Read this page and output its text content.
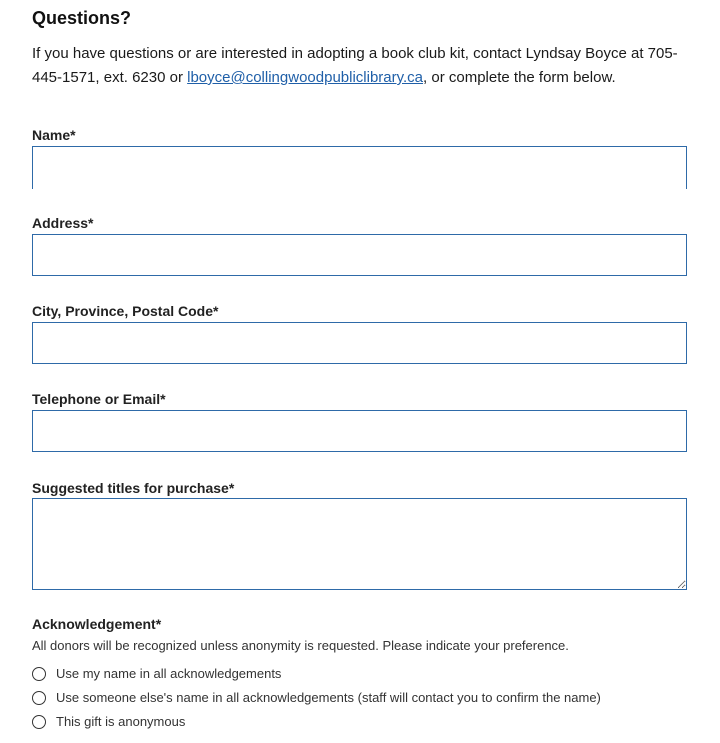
Questions?
If you have questions or are interested in adopting a book club kit, contact Lyndsay Boyce at 705-445-1571, ext. 6230 or lboyce@collingwoodpubliclibrary.ca, or complete the form below.
Name*
Address*
City, Province, Postal Code*
Telephone or Email*
Suggested titles for purchase*
Acknowledgement*
All donors will be recognized unless anonymity is requested. Please indicate your preference.
Use my name in all acknowledgements
Use someone else's name in all acknowledgements (staff will contact you to confirm the name)
This gift is anonymous
